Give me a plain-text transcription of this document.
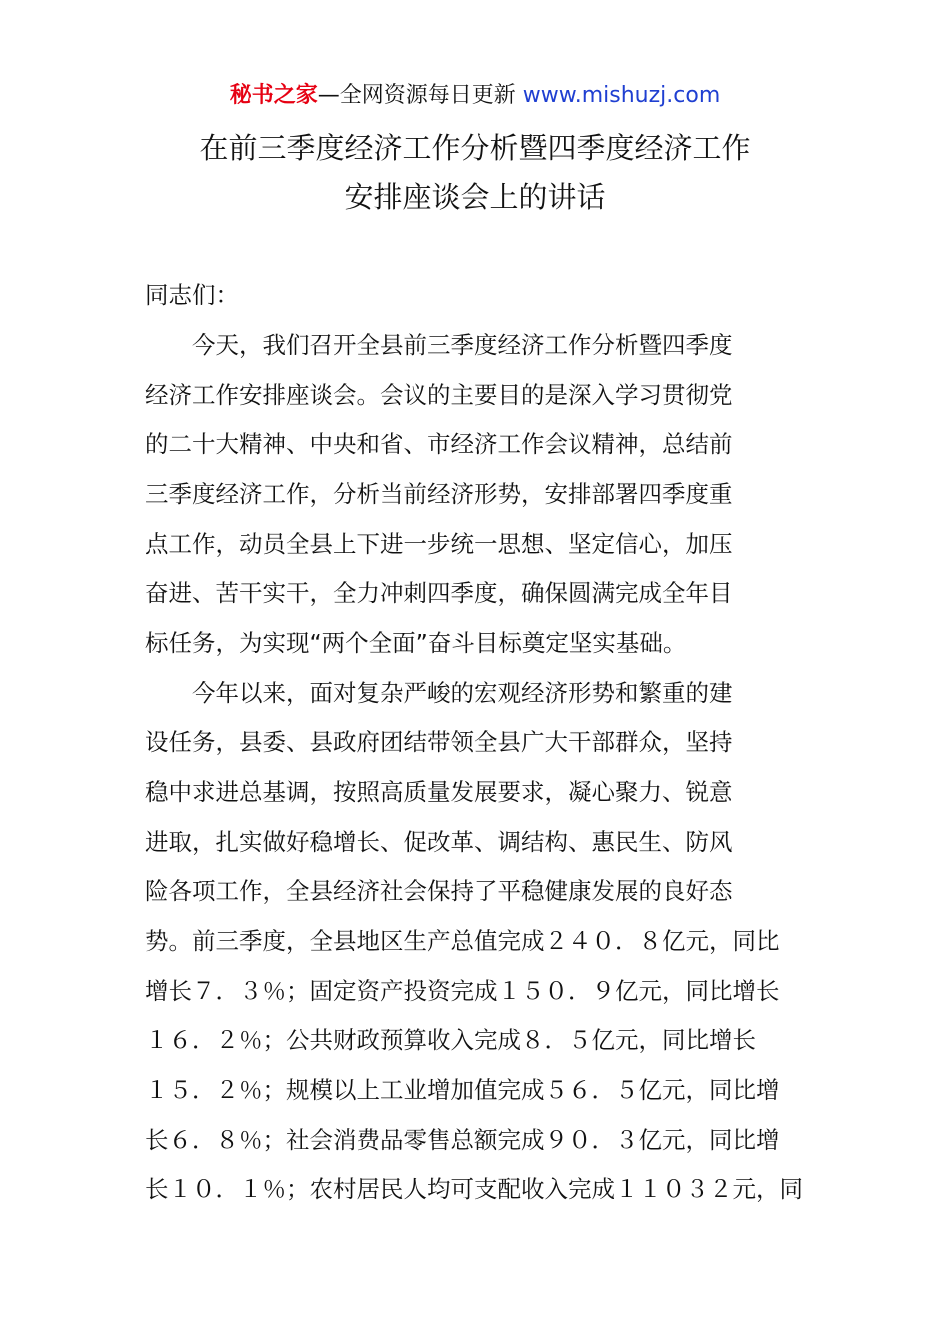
秘书之家—全网资源每日更新 www.mishuzj.com
在前三季度经济工作分析暨四季度经济工作
安排座谈会上的讲话
同志们：
　　今天，我们召开全县前三季度经济工作分析暨四季度
经济工作安排座谈会。会议的主要目的是深入学习贯彻党
的二十大精神、中央和省、市经济工作会议精神，总结前
三季度经济工作，分析当前经济形势，安排部署四季度重
点工作，动员全县上下进一步统一思想、坚定信心，加压
奋进、苦干实干，全力冲刺四季度，确保圆满完成全年目
标任务，为实现“两个全面”奋斗目标奠定坚实基础。
　　今年以来，面对复杂严峻的宏观经济形势和繁重的建
设任务，县委、县政府团结带领全县广大干部群众，坚持
稳中求进总基调，按照高质量发展要求，凝心聚力、锐意
进取，扎实做好稳增长、促改革、调结构、惠民生、防风
险各项工作，全县经济社会保持了平稳健康发展的良好态
势。前三季度，全县地区生产总值完成２４０．８亿元，同比
增长７．３％；固定资产投资完成１５０．９亿元，同比增长
１６．２％；公共财政预算收入完成８．５亿元，同比增长
１５．２％；规模以上工业增加值完成５６．５亿元，同比增
长６．８％；社会消费品零售总额完成９０．３亿元，同比增
长１０．１％；农村居民人均可支配收入完成１１０３２元，同
